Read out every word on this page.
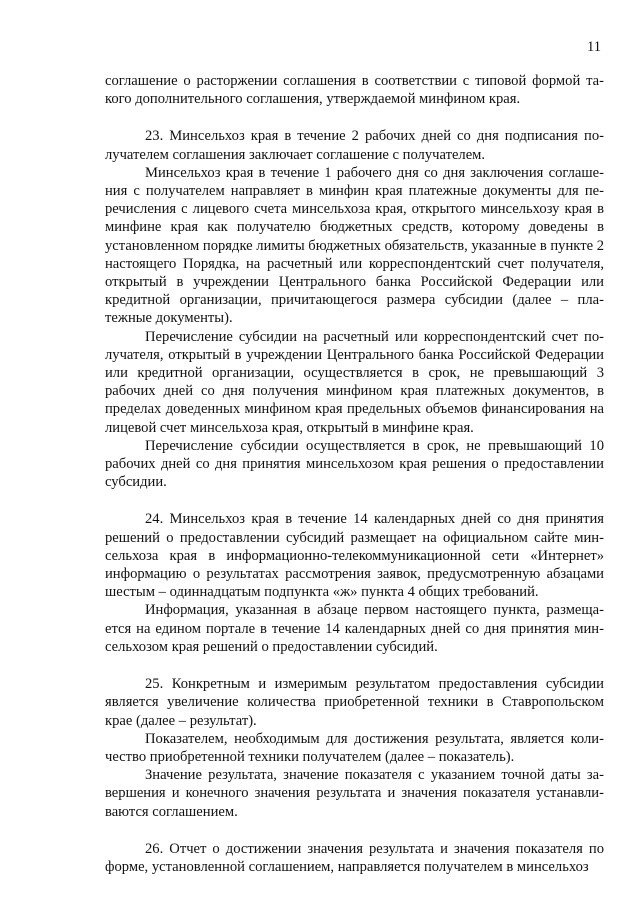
11

соглашение о расторжении соглашения в соответствии с типовой формой такого дополнительного соглашения, утверждаемой минфином края.

23. Минсельхоз края в течение 2 рабочих дней со дня подписания получателем соглашения заключает соглашение с получателем.

Минсельхоз края в течение 1 рабочего дня со дня заключения соглашения с получателем направляет в минфин края платежные документы для перечисления с лицевого счета минсельхоза края, открытого минсельхозу края в минфине края как получателю бюджетных средств, которому доведены в установленном порядке лимиты бюджетных обязательств, указанные в пункте 2 настоящего Порядка, на расчетный или корреспондентский счет получателя, открытый в учреждении Центрального банка Российской Федерации или кредитной организации, причитающегося размера субсидии (далее – платежные документы).

Перечисление субсидии на расчетный или корреспондентский счет получателя, открытый в учреждении Центрального банка Российской Федерации или кредитной организации, осуществляется в срок, не превышающий 3 рабочих дней со дня получения минфином края платежных документов, в пределах доведенных минфином края предельных объемов финансирования на лицевой счет минсельхоза края, открытый в минфине края.

Перечисление субсидии осуществляется в срок, не превышающий 10 рабочих дней со дня принятия минсельхозом края решения о предоставлении субсидии.

24. Минсельхоз края в течение 14 календарных дней со дня принятия решений о предоставлении субсидий размещает на официальном сайте минсельхоза края в информационно-телекоммуникационной сети «Интернет» информацию о результатах рассмотрения заявок, предусмотренную абзацами шестым – одиннадцатым подпункта «ж» пункта 4 общих требований.

Информация, указанная в абзаце первом настоящего пункта, размещается на едином портале в течение 14 календарных дней со дня принятия минсельхозом края решений о предоставлении субсидий.

25. Конкретным и измеримым результатом предоставления субсидии является увеличение количества приобретенной техники в Ставропольском крае (далее – результат).

Показателем, необходимым для достижения результата, является количество приобретенной техники получателем (далее – показатель).

Значение результата, значение показателя с указанием точной даты завершения и конечного значения результата и значения показателя устанавливаются соглашением.

26. Отчет о достижении значения результата и значения показателя по форме, установленной соглашением, направляется получателем в минсельхоз
